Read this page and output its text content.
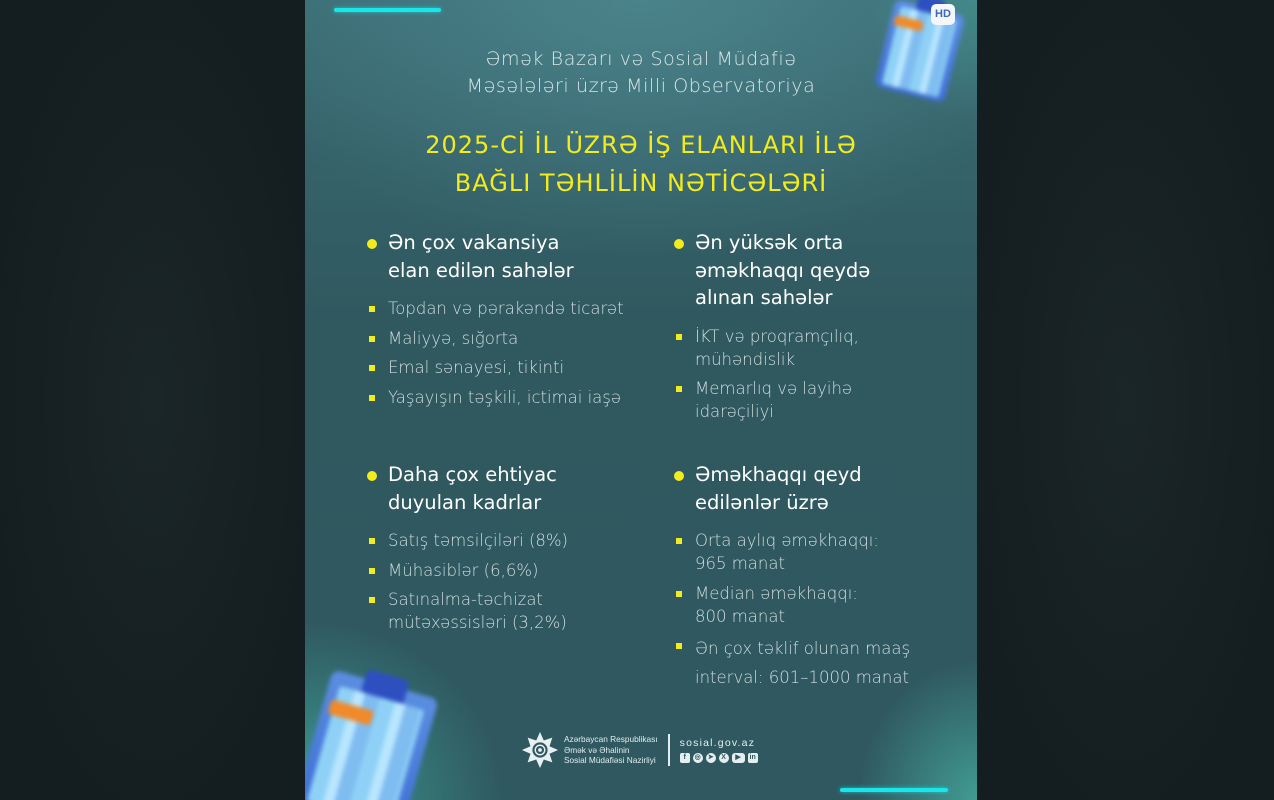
HD
Əmək Bazarı və Sosial Müdafiə
Məsələləri üzrə Milli Observatoriya
2025-Cİ İL ÜZRƏ İŞ ELANLARI İLƏ
BAĞLI TƏHLİLİN NƏTİCƏLƏRİ
Ən çox vakansiya
elan edilən sahələr
Topdan və pərakəndə ticarət
Maliyyə, sığorta
Emal sənayesi, tikinti
Yaşayışın təşkili, ictimai iaşə
Ən yüksək orta
əməkhaqqı qeydə
alınan sahələr
İKT və proqramçılıq,
mühəndislik
Memarlıq və layihə
idarəçiliyi
Daha çox ehtiyac
duyulan kadrlar
Satış təmsilçiləri (8%)
Mühasiblər (6,6%)
Satınalma-təchizat
mütəxəssisləri (3,2%)
Əməkhaqqı qeyd
edilənlər üzrə
Orta aylıq əməkhaqqı:
965 manat
Median əməkhaqqı:
800 manat
Ən çox təklif olunan maaş
interval: 601–1000 manat
Azərbaycan Respublikası
Əmək və Əhalinin
Sosial Müdafiəsi Nazirliyi
sosial.gov.az
f	◎ ➤	X	▶	in
